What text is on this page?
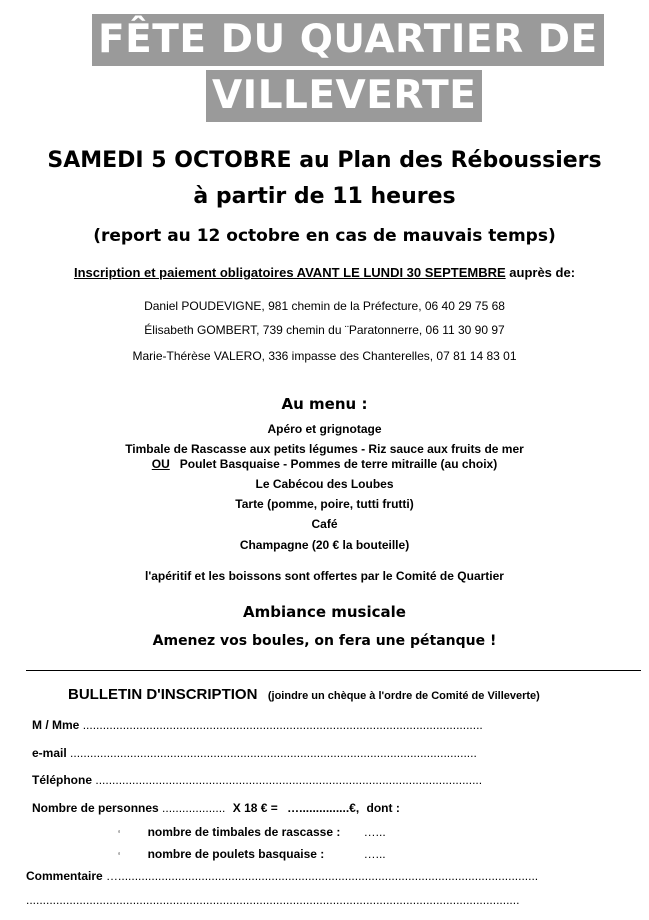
FÊTE DU QUARTIER DE
VILLEVERTE
SAMEDI 5 OCTOBRE au Plan des Réboussiers
à partir de 11 heures
(report au 12 octobre en cas de mauvais temps)
Inscription et paiement obligatoires AVANT LE LUNDI 30 SEPTEMBRE auprès de:
Daniel POUDEVIGNE, 981 chemin de la Préfecture, 06 40 29 75 68
Élisabeth GOMBERT, 739 chemin du ¨Paratonnerre, 06 11 30 90 97
Marie-Thérèse VALERO, 336 impasse des Chanterelles, 07 81 14 83 01
Au menu :
Apéro et grignotage
Timbale de Rascasse aux petits légumes - Riz sauce aux fruits de mer
OU Poulet Basquaise - Pommes de terre mitraille (au choix)
Le Cabécou des Loubes
Tarte (pomme, poire, tutti frutti)
Café
Champagne (20 € la bouteille)
l'apéritif et les boissons sont offertes par le Comité de Quartier
Ambiance musicale
Amenez vos boules, on fera une pétanque !
BULLETIN D'INSCRIPTION (joindre un chèque à l'ordre de Comité de Villeverte)
M / Mme ........................................................................................................................
e-mail ..........................................................................................................................
Téléphone ....................................................................................................................
Nombre de personnes ................... X 18 € = …...............€, dont :
‘ nombre de timbales de rascasse : …...
‘ nombre de poulets basquaise :	…...
Commentaire …..............................................................................................................................
....................................................................................................................................................
